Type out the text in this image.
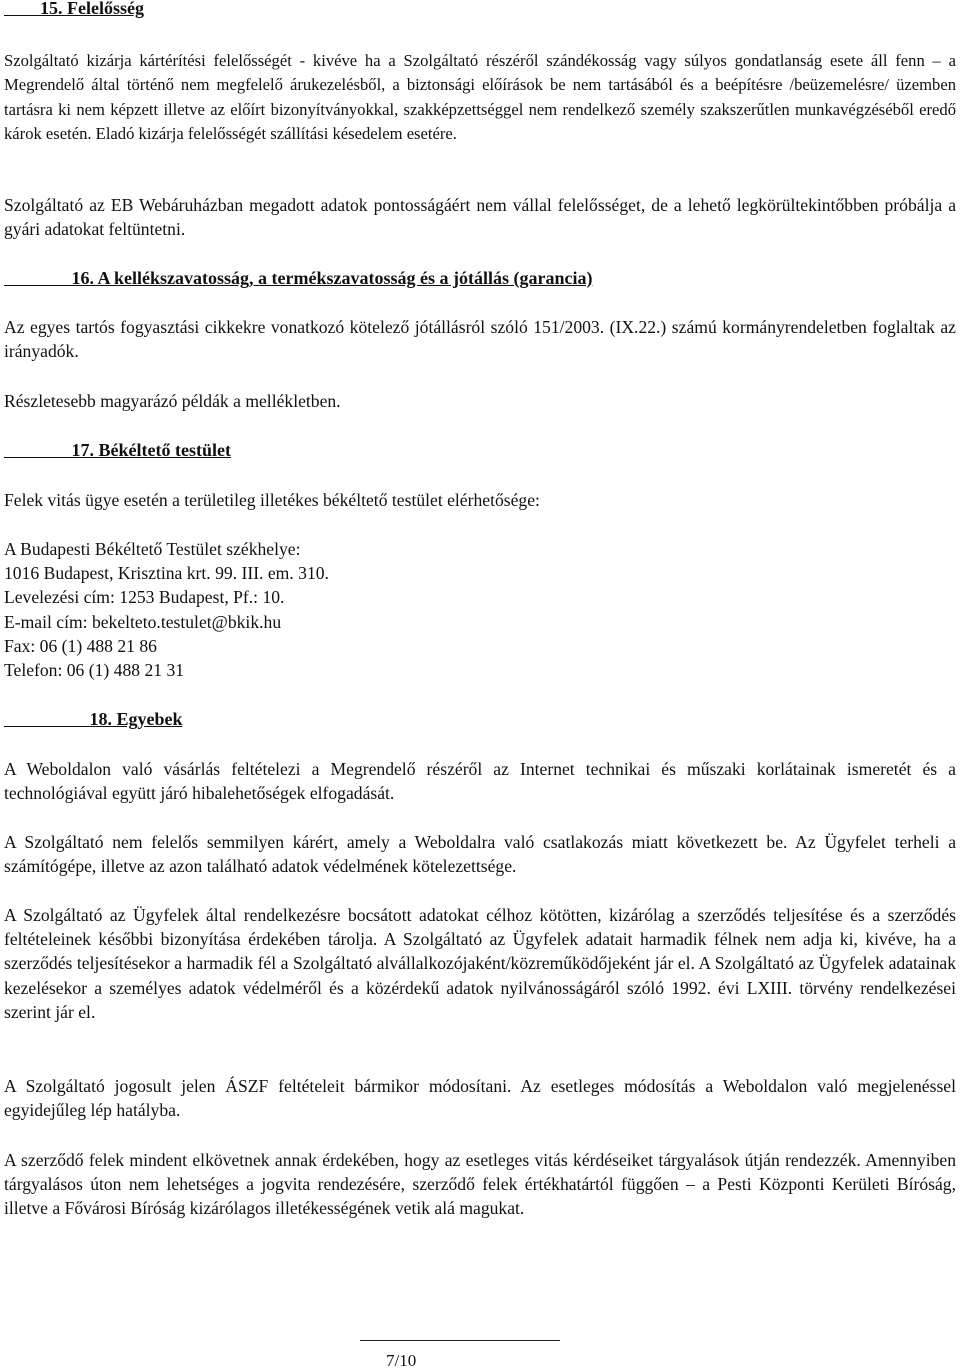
15. Felelősség
Szolgáltató kizárja kártérítési felelősségét - kivéve ha a Szolgáltató részéről szándékosság vagy súlyos gondatlanság esete áll fenn – a Megrendelő által történő nem megfelelő árukezelésből, a biztonsági előírások be nem tartásából és a beépítésre /beüzemelésre/ üzemben tartásra ki nem képzett illetve az előírt bizonyítványokkal, szakképzettséggel nem rendelkező személy szakszerűtlen munkavégzéséből eredő károk esetén. Eladó kizárja felelősségét szállítási késedelem esetére.
Szolgáltató az EB Webáruházban megadott adatok pontosságáért nem vállal felelősséget, de a lehető legkörültekintőbben próbálja a gyári adatokat feltüntetni.
16. A kellékszavatosság, a termékszavatosság és a jótállás (garancia)
Az egyes tartós fogyasztási cikkekre vonatkozó kötelező jótállásról szóló 151/2003. (IX.22.) számú kormányrendeletben foglaltak az irányadók.
Részletesebb magyarázó példák a mellékletben.
17. Békéltető testület
Felek vitás ügye esetén a területileg illetékes békéltető testület elérhetősége:
A Budapesti Békéltető Testület székhelye:
1016 Budapest, Krisztina krt. 99. III. em. 310.
Levelezési cím: 1253 Budapest, Pf.: 10.
E-mail cím: bekelteto.testulet@bkik.hu
Fax: 06 (1) 488 21 86
Telefon: 06 (1) 488 21 31
18. Egyebek
A Weboldalon való vásárlás feltételezi a Megrendelő részéről az Internet technikai és műszaki korlátainak ismeretét és a technológiával együtt járó hibalehetőségek elfogadását.
A Szolgáltató nem felelős semmilyen kárért, amely a Weboldalra való csatlakozás miatt következett be. Az Ügyfelet terheli a számítógépe, illetve az azon található adatok védelmének kötelezettsége.
A Szolgáltató az Ügyfelek által rendelkezésre bocsátott adatokat célhoz kötötten, kizárólag a szerződés teljesítése és a szerződés feltételeinek későbbi bizonyítása érdekében tárolja. A Szolgáltató az Ügyfelek adatait harmadik félnek nem adja ki, kivéve, ha a szerződés teljesítésekor a harmadik fél a Szolgáltató alvállalkozójaként/közreműködőjeként jár el. A Szolgáltató az Ügyfelek adatainak kezelésekor a személyes adatok védelméről és a közérdekű adatok nyilvánosságáról szóló 1992. évi LXIII. törvény rendelkezései szerint jár el.
A Szolgáltató jogosult jelen ÁSZF feltételeit bármikor módosítani. Az esetleges módosítás a Weboldalon való megjelenéssel egyidejűleg lép hatályba.
A szerződő felek mindent elkövetnek annak érdekében, hogy az esetleges vitás kérdéseiket tárgyalások útján rendezzék. Amennyiben tárgyalásos úton nem lehetséges a jogvita rendezésére, szerződő felek értékhatártól függően – a Pesti Központi Kerületi Bíróság, illetve a Fővárosi Bíróság kizárólagos illetékességének vetik alá magukat.
7/10
